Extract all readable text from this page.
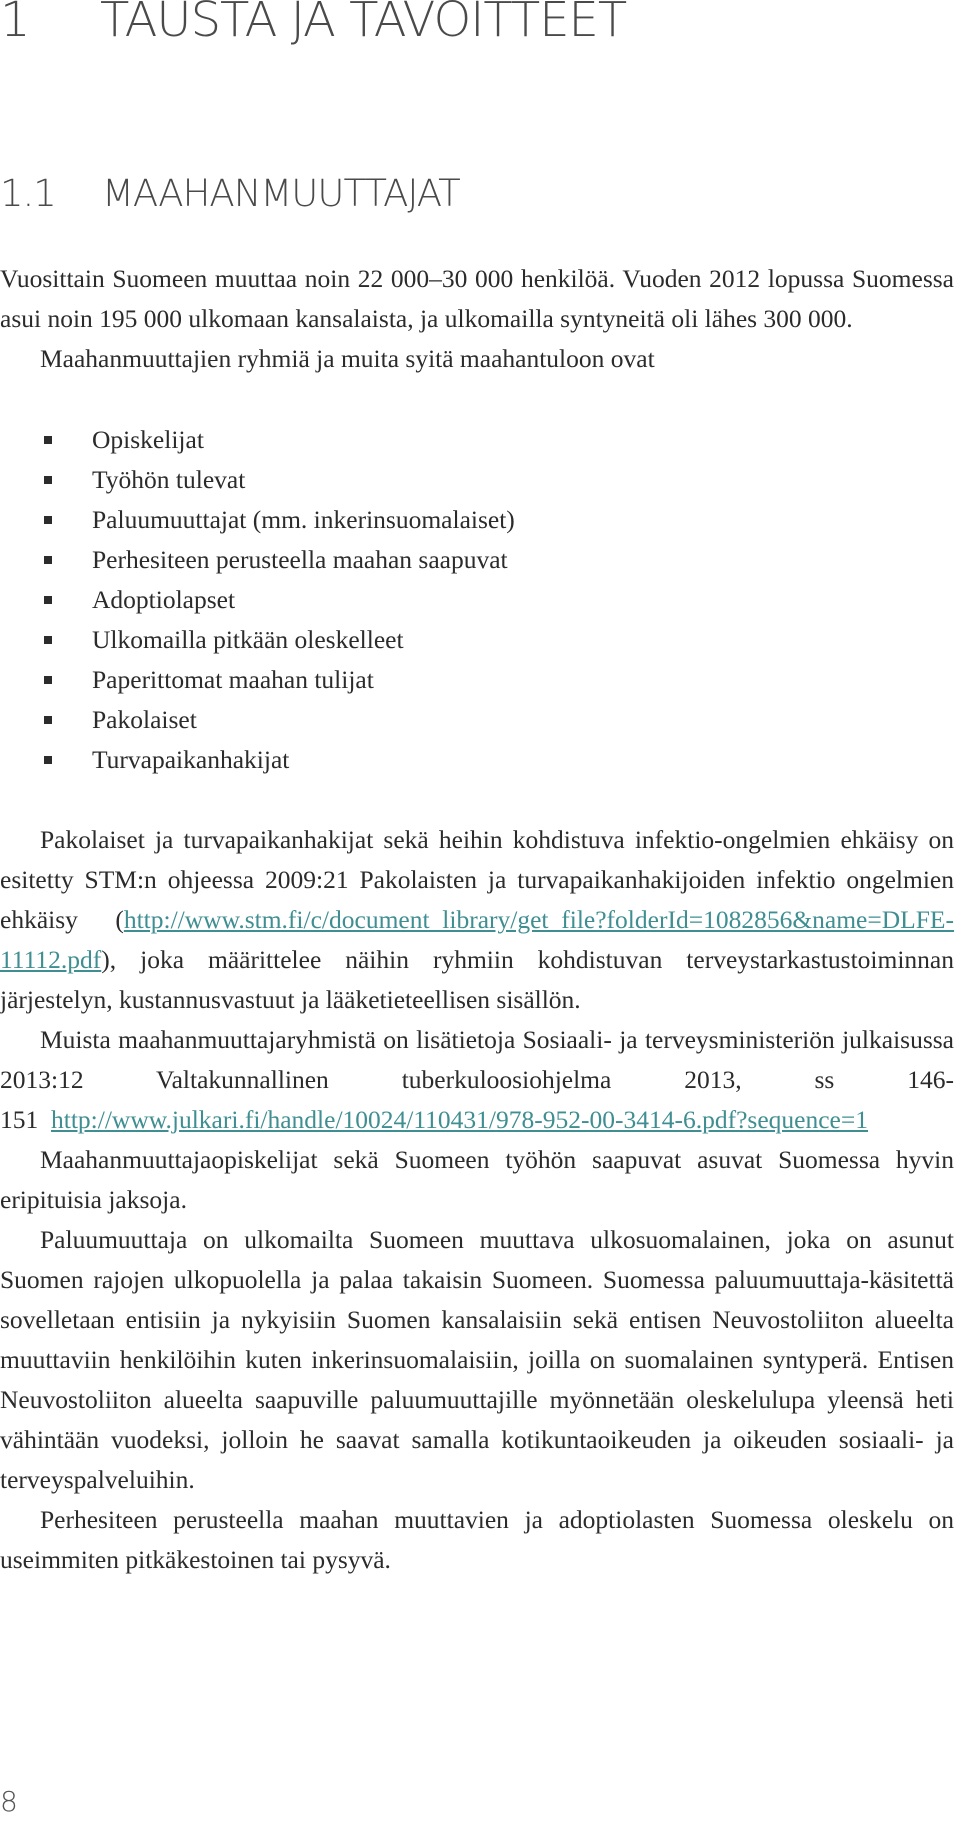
1 TAUSTA JA TAVOITTEET
1.1 MAAHANMUUTTAJAT

Vuosittain Suomeen muuttaa noin 22 000–30 000 henkilöä. Vuoden 2012 lopussa Suomessa asui noin 195 000 ulkomaan kansalaista, ja ulkomailla syntyneitä oli lähes 300 000.

Maahanmuuttajien ryhmiä ja muita syitä maahantuloon ovat

Opiskelijat
Työhön tulevat
Paluumuuttajat (mm. inkerinsuomalaiset)
Perhesiteen perusteella maahan saapuvat
Adoptiolapset
Ulkomailla pitkään oleskelleet
Paperittomat maahan tulijat
Pakolaiset
Turvapaikanhakijat

Pakolaiset ja turvapaikanhakijat sekä heihin kohdistuva infektio-ongelmien ehkäisy on esitetty STM:n ohjeessa 2009:21 Pakolaisten ja turvapaikanhakijoiden infektio ongelmien ehkäisy (http://www.stm.fi/c/document_library/get_file?folderId=1082856&name=DLFE-11112.pdf), joka määrittelee näihin ryhmiin kohdistuvan terveystarkastustoiminnan järjestelyn, kustannusvastuut ja lääketieteellisen sisällön.

Muista maahanmuuttajaryhmistä on lisätietoja Sosiaali- ja terveysministeriön julkaisussa 2013:12 Valtakunnallinen tuberkuloosiohjelma 2013, ss 146-151 http://www.julkari.fi/handle/10024/110431/978-952-00-3414-6.pdf?sequence=1

Maahanmuuttajaopiskelijat sekä Suomeen työhön saapuvat asuvat Suomessa hyvin eripituisia jaksoja.

Paluumuuttaja on ulkomailta Suomeen muuttava ulkosuomalainen, joka on asunut Suomen rajojen ulkopuolella ja palaa takaisin Suomeen. Suomessa paluumuuttaja-käsitettä sovelletaan entisiin ja nykyisiin Suomen kansalaisiin sekä entisen Neuvostoliiton alueelta muuttaviin henkilöihin kuten inkerinsuomalaisiin, joilla on suomalainen syntyperä. Entisen Neuvostoliiton alueelta saapuville paluumuuttajille myönnetään oleskelulupa yleensä heti vähintään vuodeksi, jolloin he saavat samalla kotikuntaoikeuden ja oikeuden sosiaali- ja terveyspalveluihin.

Perhesiteen perusteella maahan muuttavien ja adoptiolasten Suomessa oleskelu on useimmiten pitkäkestoinen tai pysyvä.

8
